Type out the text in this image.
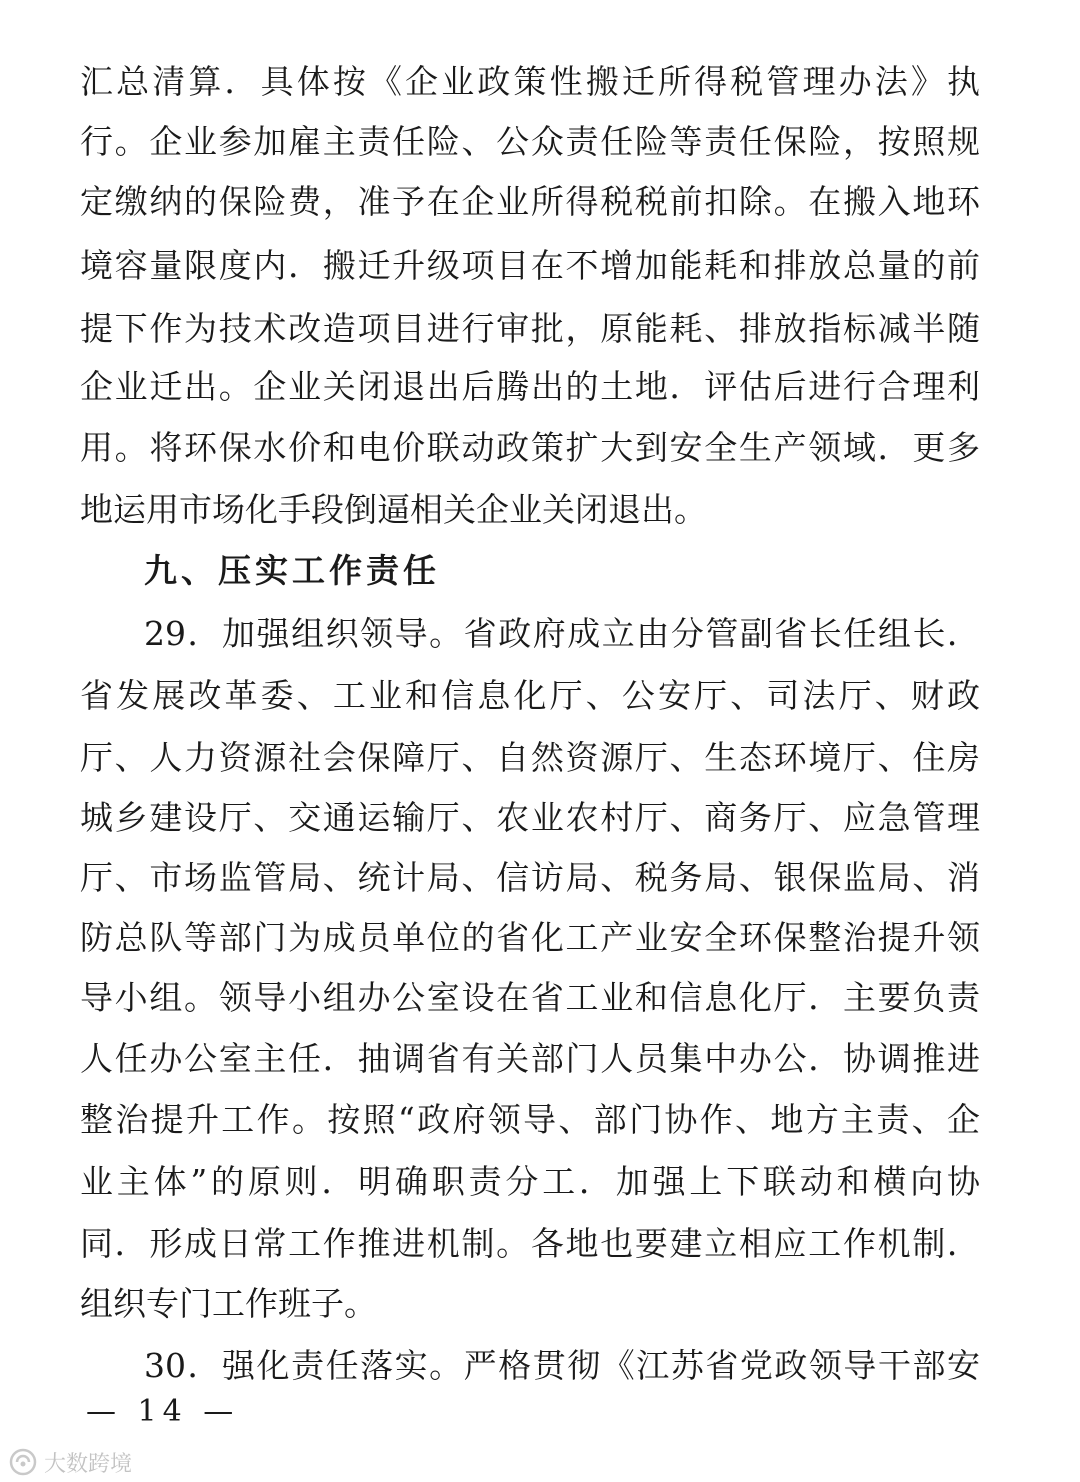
汇总清算．具体按《企业政策性搬迁所得税管理办法》执
行。企业参加雇主责任险、公众责任险等责任保险，按照规
定缴纳的保险费，准予在企业所得税税前扣除。在搬入地环
境容量限度内．搬迁升级项目在不增加能耗和排放总量的前
提下作为技术改造项目进行审批，原能耗、排放指标减半随
企业迁出。企业关闭退出后腾出的土地．评估后进行合理利
用。将环保水价和电价联动政策扩大到安全生产领域．更多
地运用市场化手段倒逼相关企业关闭退出。
九、压实工作责任
29．加强组织领导。省政府成立由分管副省长任组长．
省发展改革委、工业和信息化厅、公安厅、司法厅、财政
厅、人力资源社会保障厅、自然资源厅、生态环境厅、住房
城乡建设厅、交通运输厅、农业农村厅、商务厅、应急管理
厅、市场监管局、统计局、信访局、税务局、银保监局、消
防总队等部门为成员单位的省化工产业安全环保整治提升领
导小组。领导小组办公室设在省工业和信息化厅．主要负责
人任办公室主任．抽调省有关部门人员集中办公．协调推进
整治提升工作。按照“政府领导、部门协作、地方主责、企
业主体”的原则．明确职责分工．加强上下联动和横向协
同．形成日常工作推进机制。各地也要建立相应工作机制．
组织专门工作班子。
30．强化责任落实。严格贯彻《江苏省党政领导干部安
— 14 —
大数跨境
